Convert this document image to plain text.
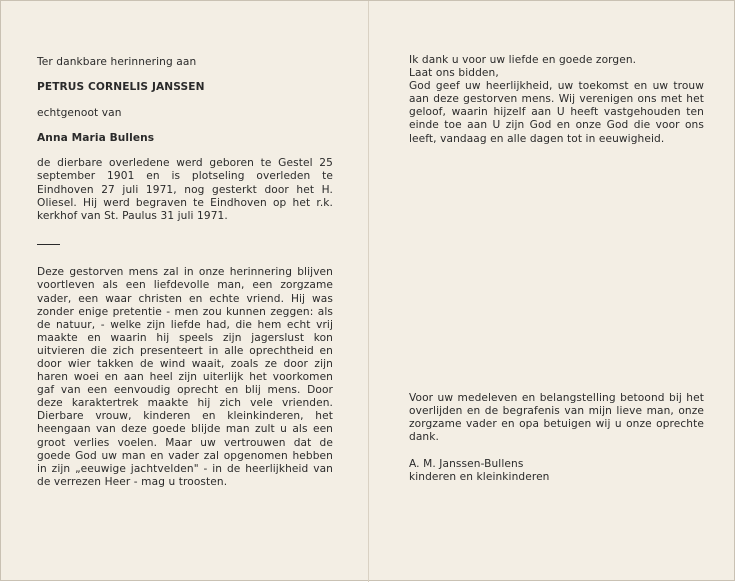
Ter dankbare herinnering aan

PETRUS CORNELIS JANSSEN

echtgenoot van

Anna Maria Bullens

de dierbare overledene werd geboren te Gestel 25 september 1901 en is plotseling overleden te Eindhoven 27 juli 1971, nog gesterkt door het H. Oliesel. Hij werd begraven te Eindhoven op het r.k. kerkhof van St. Paulus 31 juli 1971.

Deze gestorven mens zal in onze herinnering blijven voortleven als een liefdevolle man, een zorgzame vader, een waar christen en echte vriend. Hij was zonder enige pretentie - men zou kunnen zeggen: als de natuur, - welke zijn liefde had, die hem echt vrij maakte en waarin hij speels zijn jagerslust kon uitvieren die zich presenteert in alle oprechtheid en door wier takken de wind waait, zoals ze door zijn haren woei en aan heel zijn uiterlijk het voorkomen gaf van een eenvoudig oprecht en blij mens. Door deze karaktertrek maakte hij zich vele vrienden. Dierbare vrouw, kinderen en kleinkinderen, het heengaan van deze goede blijde man zult u als een groot verlies voelen. Maar uw vertrouwen dat de goede God uw man en vader zal opgenomen hebben in zijn „eeuwige jachtvelden" - in de heerlijkheid van de verrezen Heer - mag u troosten.

Ik dank u voor uw liefde en goede zorgen.

Laat ons bidden,

God geef uw heerlijkheid, uw toekomst en uw trouw aan deze gestorven mens. Wij verenigen ons met het geloof, waarin hijzelf aan U heeft vastgehouden ten einde toe aan U zijn God en onze God die voor ons leeft, vandaag en alle dagen tot in eeuwigheid.

Voor uw medeleven en belangstelling betoond bij het overlijden en de begrafenis van mijn lieve man, onze zorgzame vader en opa betuigen wij u onze oprechte dank.

A. M. Janssen-Bullens

kinderen en kleinkinderen
